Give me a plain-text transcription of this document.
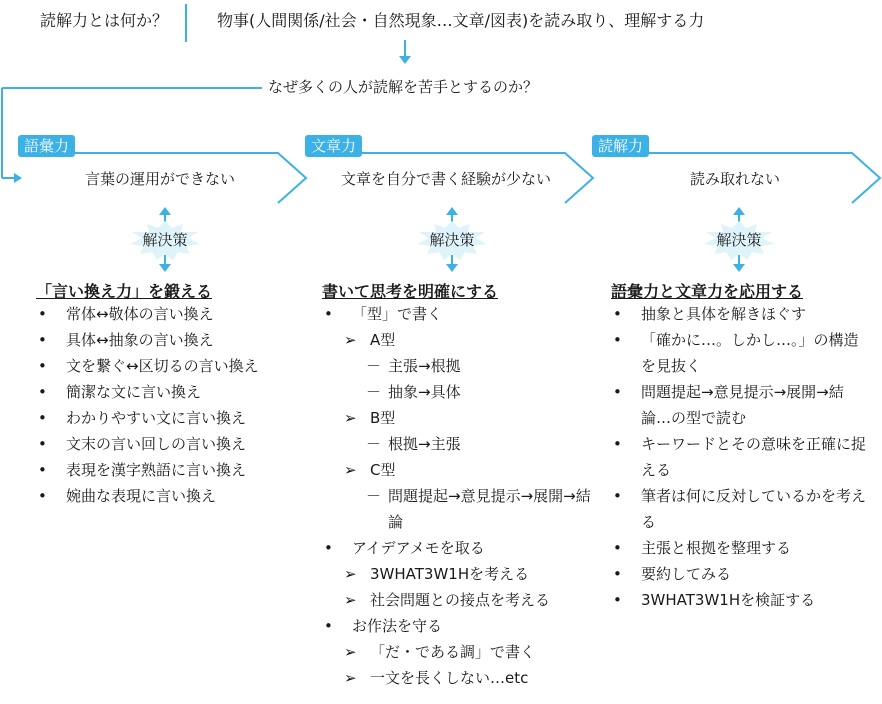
読解力とは何か？	物事(人間関係/社会・自然現象…文章/図表)を読み取り、理解する力
なぜ多くの人が読解を苦手とするのか？
語彙力	文章力	読解力
言葉の運用ができない	文章を自分で書く経験が少ない	読み取れない
解決策	解決策	解決策
「言い換え力」を鍛える	書いて思考を明確にする	語彙力と文章力を応用する
• 常体↔敬体の言い換え
• 具体↔抽象の言い換え
• 文を繋ぐ↔区切るの言い換え
• 簡潔な文に言い換え
• わかりやすい文に言い換え
• 文末の言い回しの言い換え
• 表現を漢字熟語に言い換え
• 婉曲な表現に言い換え
• 「型」で書く
➢ A型
－ 主張→根拠
－ 抽象→具体
➢ B型
－ 根拠→主張
➢ C型
－ 問題提起→意見提示→展開→結論
• アイデアメモを取る
➢ 3WHAT3W1Hを考える
➢ 社会問題との接点を考える
• お作法を守る
➢ 「だ・である調」で書く
➢ 一文を長くしない…etc
• 抽象と具体を解きほぐす
• 「確かに…。しかし…。」の構造を見抜く
• 問題提起→意見提示→展開→結論…の型で読む
• キーワードとその意味を正確に捉える
• 筆者は何に反対しているかを考える
• 主張と根拠を整理する
• 要約してみる
• 3WHAT3W1Hを検証する
